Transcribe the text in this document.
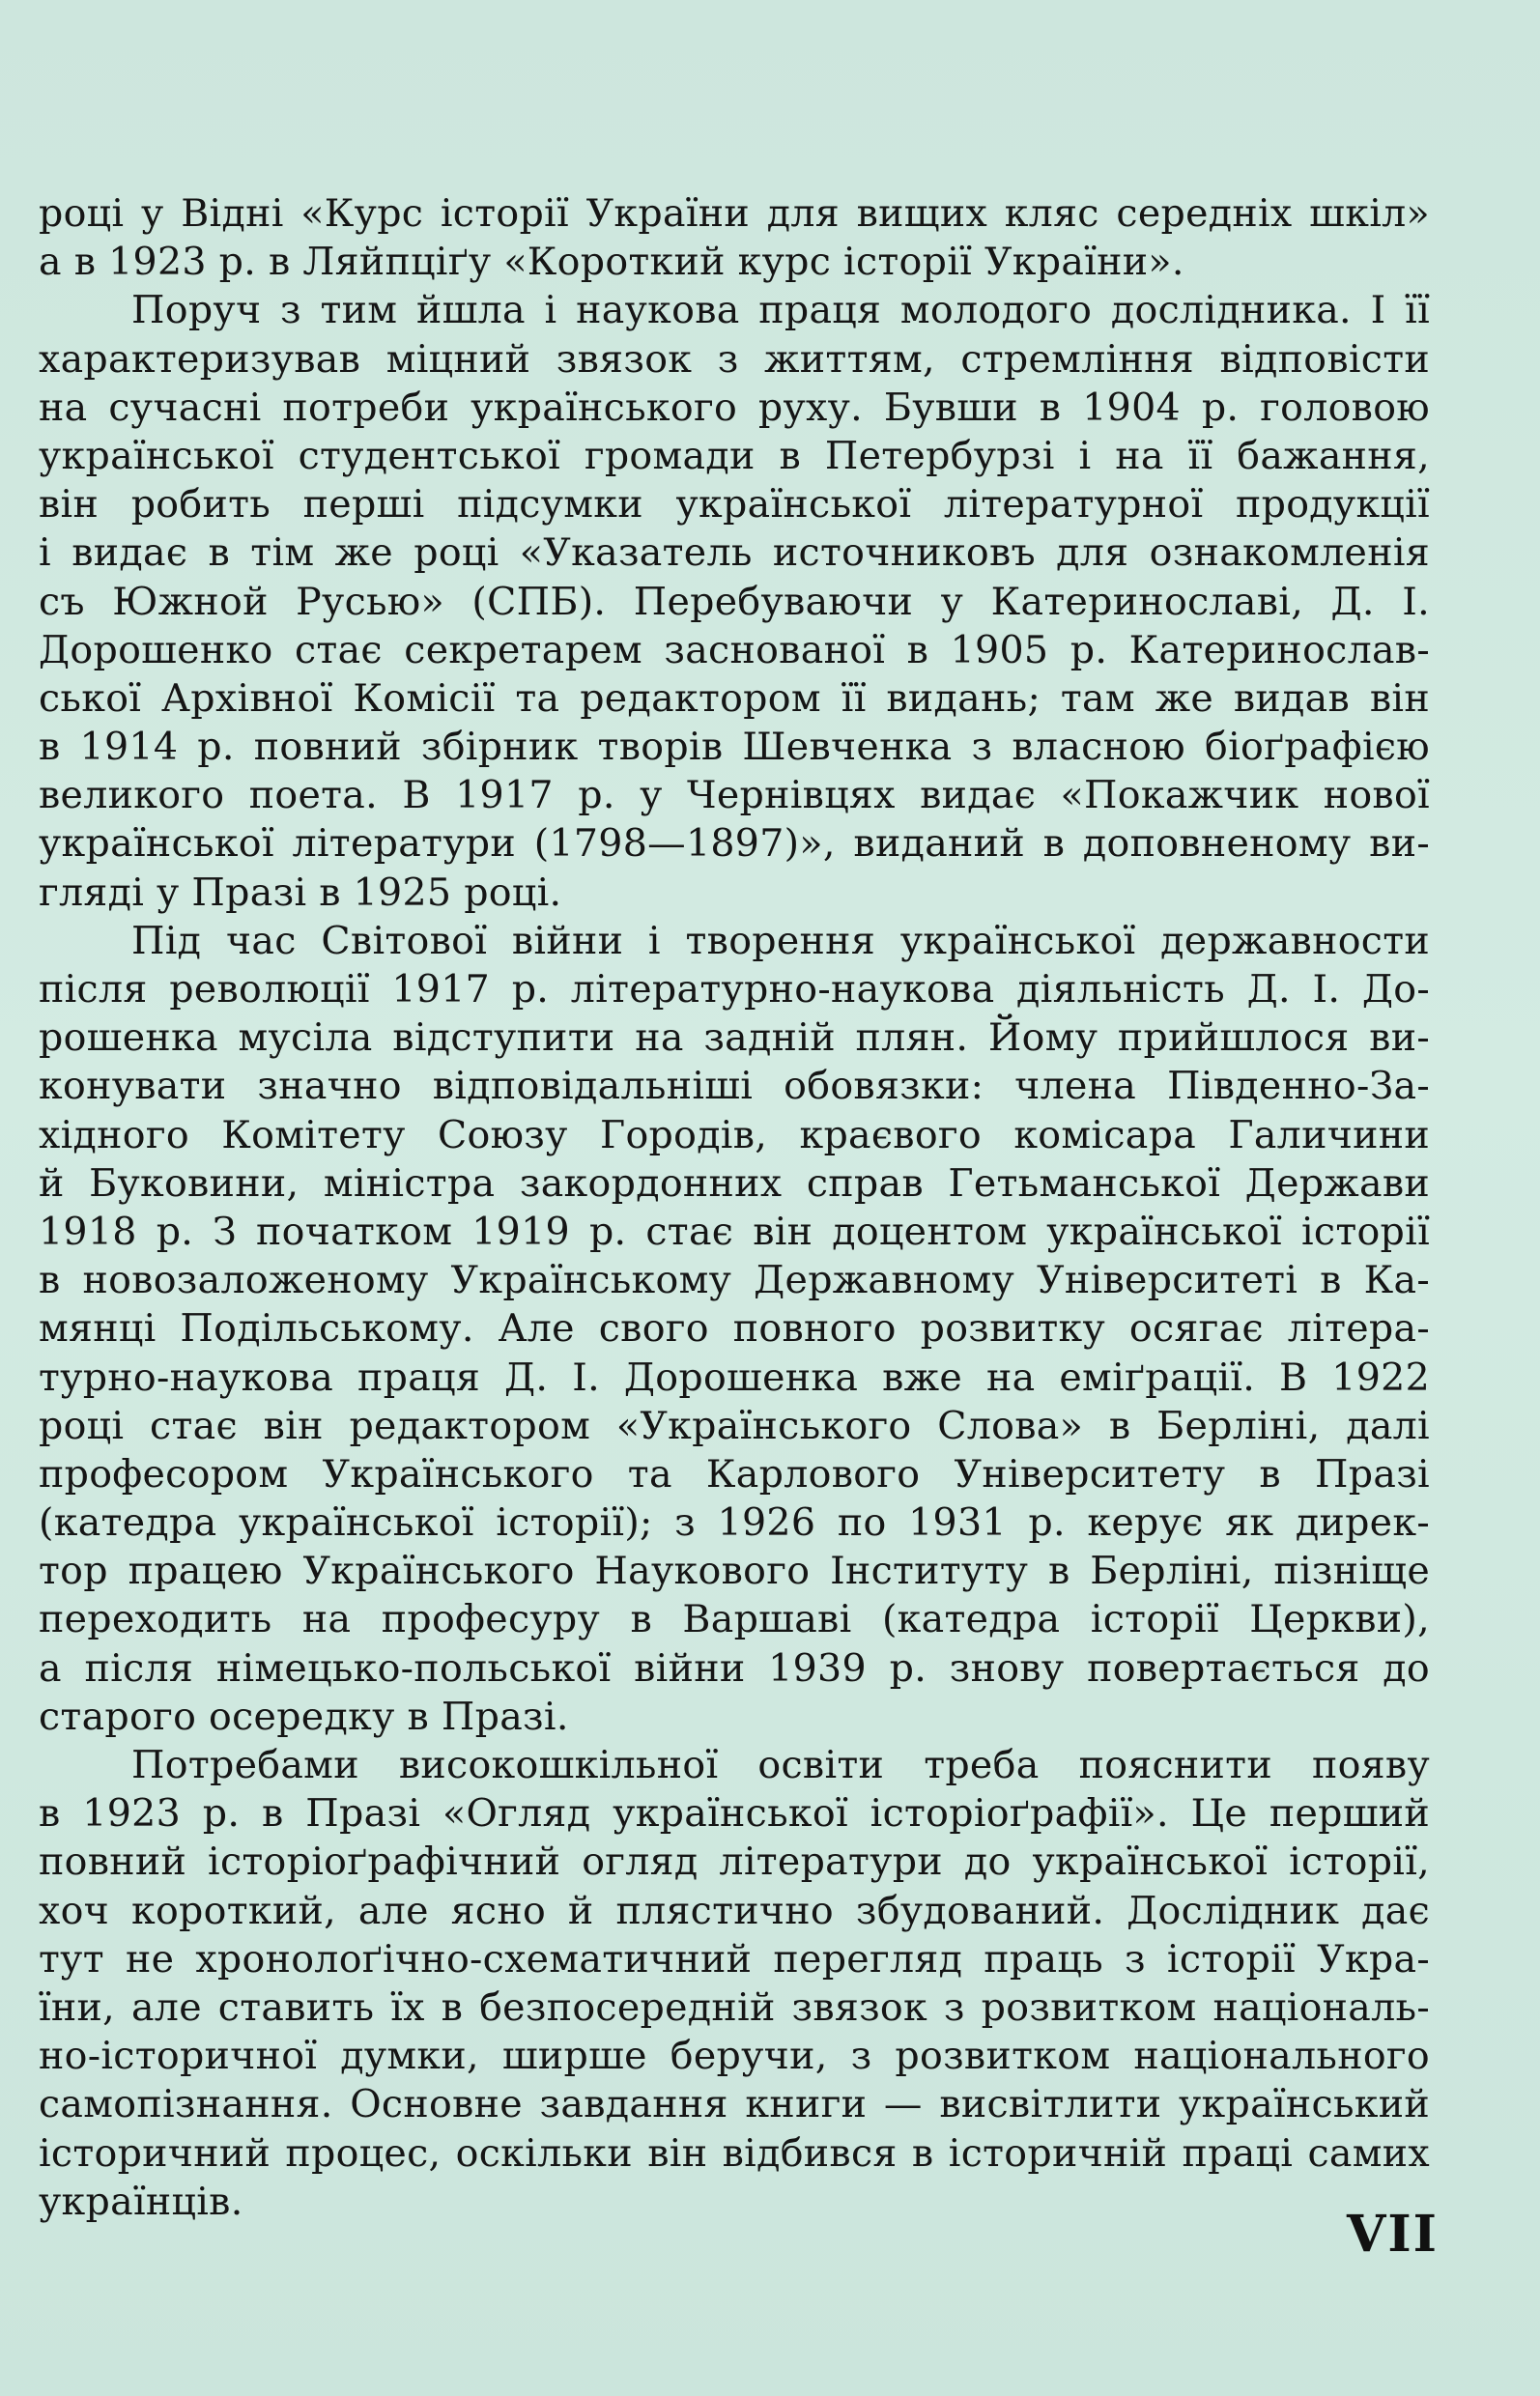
році у Відні «Курс історії України для вищих кляс середніх шкіл»
а в 1923 р. в Ляйпціґу «Короткий курс історії України».
Поруч з тим йшла і наукова праця молодого дослідника. І її
характеризував міцний звязок з життям, стремління відповісти
на сучасні потреби українського руху. Бувши в 1904 р. головою
української студентської громади в Петербурзі і на її бажання,
він робить перші підсумки української літературної продукції
і видає в тім же році «Указатель источниковъ для ознакомленія
съ Южной Русью» (СПБ). Перебуваючи у Катеринославі, Д. І.
Дорошенко стає секретарем заснованої в 1905 р. Катеринослав-
ської Архівної Комісії та редактором її видань; там же видав він
в 1914 р. повний збірник творів Шевченка з власною біоґрафією
великого поета. В 1917 р. у Чернівцях видає «Покажчик нової
української літератури (1798—1897)», виданий в доповненому ви-
гляді у Празі в 1925 році.
Під час Світової війни і творення української державности
після революції 1917 р. літературно-наукова діяльність Д. І. До-
рошенка мусіла відступити на задній плян. Йому прийшлося ви-
конувати значно відповідальніші обовязки: члена Південно-За-
хідного Комітету Союзу Городів, краєвого комісара Галичини
й Буковини, міністра закордонних справ Гетьманської Держави
1918 р. З початком 1919 р. стає він доцентом української історії
в новозаложеному Українському Державному Університеті в Ка-
мянці Подільському. Але свого повного розвитку осягає літера-
турно-наукова праця Д. І. Дорошенка вже на еміґрації. В 1922
році стає він редактором «Українського Слова» в Берліні, далі
професором Українського та Карлового Університету в Празі
(катедра української історії); з 1926 по 1931 р. керує як дирек-
тор працею Українського Наукового Інституту в Берліні, пізніще
переходить на професуру в Варшаві (катедра історії Церкви),
а після німецько-польської війни 1939 р. знову повертається до
старого осередку в Празі.
Потребами високошкільної освіти треба пояснити появу
в 1923 р. в Празі «Огляд української історіоґрафії». Це перший
повний історіоґрафічний огляд літератури до української історії,
хоч короткий, але ясно й плястично збудований. Дослідник дає
тут не хронолоґічно-схематичний перегляд праць з історії Укра-
їни, але ставить їх в безпосередній звязок з розвитком національ-
но-історичної думки, ширше беручи, з розвитком національного
самопізнання. Основне завдання книги — висвітлити український
історичний процес, оскільки він відбився в історичній праці самих
українців.
VII
